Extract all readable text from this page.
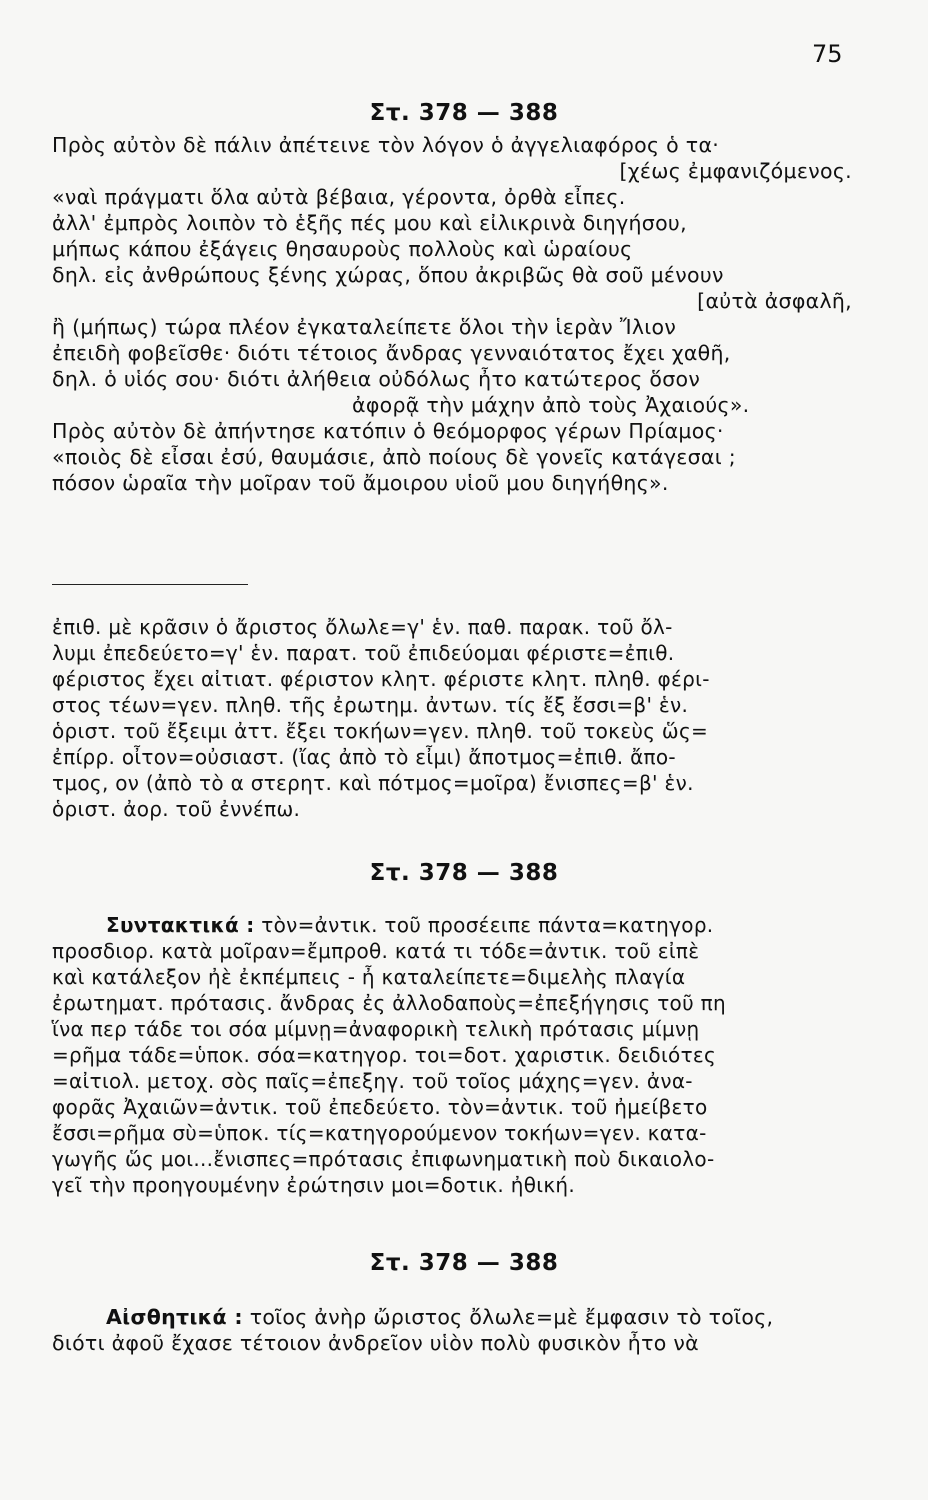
75
Στ. 378 — 388
Πρὸς αὐτὸν δὲ πάλιν ἀπέτεινε τὸν λόγον ὁ ἀγγελιαφόρος ὁ τα·
[χέως ἐμφανιζόμενος.
«ναὶ πράγματι ὅλα αὐτὰ βέβαια, γέροντα, ὀρθὰ εἶπες.
ἀλλ' ἐμπρὸς λοιπὸν τὸ ἑξῆς πές μου καὶ εἰλικρινὰ διηγήσου,
μήπως κάπου ἐξάγεις θησαυροὺς πολλοὺς καὶ ὡραίους
δηλ. εἰς ἀνθρώπους ξένης χώρας, ὅπου ἀκριβῶς θὰ σοῦ μένουν
[αὐτὰ ἀσφαλῆ,
ἢ (μήπως) τώρα πλέον ἐγκαταλείπετε ὅλοι τὴν ἱερὰν Ἴλιον
ἐπειδὴ φοβεῖσθε· διότι τέτοιος ἄνδρας γενναιότατος ἔχει χαθῆ,
δηλ. ὁ υἱός σου· διότι ἀλήθεια οὐδόλως ἦτο κατώτερος ὅσον
ἀφορᾷ τὴν μάχην ἀπὸ τοὺς Ἀχαιούς».
Πρὸς αὐτὸν δὲ ἀπήντησε κατόπιν ὁ θεόμορφος γέρων Πρίαμος·
«ποιὸς δὲ εἶσαι ἐσύ, θαυμάσιε, ἀπὸ ποίους δὲ γονεῖς κατάγεσαι ;
πόσον ὡραῖα τὴν μοῖραν τοῦ ἄμοιρου υἱοῦ μου διηγήθης».
ἐπιθ. μὲ κρᾶσιν ὁ ἄριστος ὄλωλε=γ' ἑν. παθ. παρακ. τοῦ ὄλ-
λυμι ἐπεδεύετο=γ' ἑν. παρατ. τοῦ ἐπιδεύομαι φέριστε=ἐπιθ.
φέριστος ἔχει αἰτιατ. φέριστον κλητ. φέριστε κλητ. πληθ. φέρι-
στος τέων=γεν. πληθ. τῆς ἐρωτημ. ἀντων. τίς ἔξ ἔσσι=β' ἑν.
ὁριστ. τοῦ ἔξειμι ἀττ. ἔξει τοκήων=γεν. πληθ. τοῦ τοκεὺς ὥς=
ἐπίρρ. οἶτον=οὐσιαστ. (ἴας ἀπὸ τὸ εἶμι) ἄποτμος=ἐπιθ. ἄπο-
τμος, ον (ἀπὸ τὸ α στερητ. καὶ πότμος=μοῖρα) ἔνισπες=β' ἑν.
ὁριστ. ἀορ. τοῦ ἐννέπω.
Στ. 378 — 388
Συντακτικά : τὸν=ἀντικ. τοῦ προσέειπε πάντα=κατηγορ.
προσδιορ. κατὰ μοῖραν=ἔμπροθ. κατά τι τόδε=ἀντικ. τοῦ εἰπὲ
καὶ κατάλεξον ἠὲ ἐκπέμπεις - ἦ καταλείπετε=διμελὴς πλαγία
ἐρωτηματ. πρότασις. ἄνδρας ἐς ἀλλοδαποὺς=ἐπεξήγησις τοῦ πη
ἵνα περ τάδε τοι σόα μίμνῃ=ἀναφορικὴ τελικὴ πρότασις μίμνῃ
=ρῆμα τάδε=ὑποκ. σόα=κατηγορ. τοι=δοτ. χαριστικ. δειδιότες
=αἰτιολ. μετοχ. σὸς παῖς=ἐπεξηγ. τοῦ τοῖος μάχης=γεν. ἀνα-
φορᾶς Ἀχαιῶν=ἀντικ. τοῦ ἐπεδεύετο. τὸν=ἀντικ. τοῦ ἠμείβετο
ἔσσι=ρῆμα σὺ=ὑποκ. τίς=κατηγορούμενον τοκήων=γεν. κατα-
γωγῆς ὥς μοι...ἔνισπες=πρότασις ἐπιφωνηματικὴ ποὺ δικαιολο-
γεῖ τὴν προηγουμένην ἐρώτησιν μοι=δοτικ. ἠθική.
Στ. 378 — 388
Αἰσθητικά : τοῖος ἀνὴρ ὤριστος ὄλωλε=μὲ ἔμφασιν τὸ τοῖος,
διότι ἀφοῦ ἔχασε τέτοιον ἀνδρεῖον υἱὸν πολὺ φυσικὸν ἦτο νὰ
